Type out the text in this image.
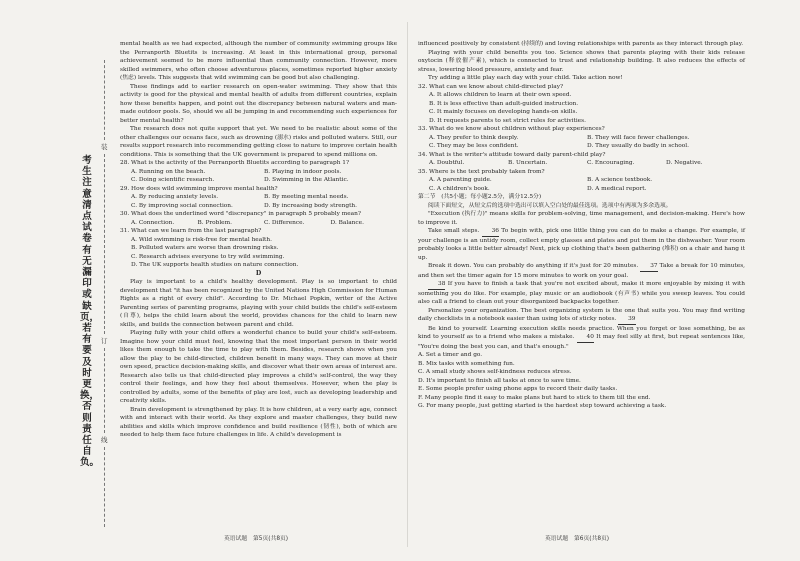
装
订
线
考生注意清点试卷有无漏印或缺页，若有要及时更换，否则责任自负。

mental health as we had expected, although the number of community swimming groups like the Perranporth Bluetits is increasing. At least in this international group, personal achievement seemed to be more influential than community connection. However, more skilled swimmers, who often choose adventurous places, sometimes reported higher anxiety (焦虑) levels. This suggests that wild swimming can be good but also challenging.

These findings add to earlier research on open-water swimming. They show that this activity is good for the physical and mental health of adults from different countries, explain how these benefits happen, and point out the discrepancy between natural waters and man-made outdoor pools. So, should we all be jumping in and recommending such experiences for better mental health?

The research does not quite support that yet. We need to be realistic about some of the other challenges our oceans face, such as drowning (溺水) risks and polluted waters. Still, our results support research into recommending getting close to nature to improve certain health conditions. This is something that the UK government is prepared to spend millions on.

28. What is the activity of the Perranporth Bluetits according to paragraph 1?
A. Running on the beach.	B. Playing in indoor pools.
C. Doing scientific research.	D. Swimming in the Atlantic.
29. How does wild swimming improve mental health?
A. By reducing anxiety levels.	B. By meeting mental needs.
C. By improving social connection.	D. By increasing body strength.
30. What does the underlined word "discrepancy" in paragraph 5 probably mean?
A. Connection.	B. Problem.	C. Difference.	D. Balance.
31. What can we learn from the last paragraph?
A. Wild swimming is risk-free for mental health.
B. Polluted waters are worse than drowning risks.
C. Research advises everyone to try wild swimming.
D. The UK supports health studies on nature connection.
D

Play is important to a child's healthy development. Play is so important to child development that "it has been recognized by the United Nations High Commission for Human Rights as a right of every child". According to Dr. Michael Popkin, writer of the Active Parenting series of parenting programs, playing with your child builds the child's self-esteem (自尊), helps the child learn about the world, provides chances for the child to learn new skills, and builds the connection between parent and child.

Playing fully with your child offers a wonderful chance to build your child's self-esteem. Imagine how your child must feel, knowing that the most important person in their world likes them enough to take the time to play with them. Besides, research shows when you allow the play to be child-directed, children benefit in many ways. They can move at their own speed, practice decision-making skills, and discover what their own areas of interest are. Research also tells us that child-directed play improves a child's self-control, the way they control their feelings, and how they feel about themselves. However, when the play is controlled by adults, some of the benefits of play are lost, such as developing leadership and creativity skills.

Brain development is strengthened by play. It is how children, at a very early age, connect with and interact with their world. As they explore and master challenges, they build new abilities and skills which improve confidence and build resilience (韧性), both of which are needed to help them face future challenges in life. A child's development is

influenced positively by consistent (持续的) and loving relationships with parents as they interact through play.

Playing with your child benefits you too. Science shows that parents playing with their kids release oxytocin (释放催产素), which is connected to trust and relationship building. It also reduces the effects of stress, lowering blood pressure, anxiety and fear.

Try adding a little play each day with your child. Take action now!

32. What can we know about child-directed play?
A. It allows children to learn at their own speed.
B. It is less effective than adult-guided instruction.
C. It mainly focuses on developing hands-on skills.
D. It requests parents to set strict rules for activities.
33. What do we know about children without play experiences?
A. They prefer to think deeply.	B. They will face fewer challenges.
C. They may be less confident.	D. They usually do badly in school.
34. What is the writer's attitude toward daily parent-child play?
A. Doubtful.	B. Uncertain.	C. Encouraging.	D. Negative.
35. Where is the text probably taken from?
A. A parenting guide.	B. A science textbook.
C. A children's book.	D. A medical report.
第二节　(共5小题；每小题2.5分，满分12.5分)

阅读下面短文，从短文后的选项中选出可以填入空白处的最佳选项。选项中有两项为多余选项。

"Execution (执行力)" means skills for problem-solving, time management, and decision-making. Here's how to improve it.

Take small steps. 36 To begin with, pick one little thing you can do to make a change. For example, if your challenge is an untidy room, collect empty glasses and plates and put them in the dishwasher. Your room probably looks a little better already! Next, pick up clothing that's been gathering (堆积) on a chair and hang it up.

Break it down. You can probably do anything if it's just for 20 minutes. 37 Take a break for 10 minutes, and then set the timer again for 15 more minutes to work on your goal.

38 If you have to finish a task that you're not excited about, make it more enjoyable by mixing it with something you do like. For example, play music or an audiobook (有声书) while you sweep leaves. You could also call a friend to clean out your disorganized backpacks together.

Personalize your organization. The best organizing system is the one that suits you. You may find writing daily checklists in a notebook easier than using lots of sticky notes. 39

Be kind to yourself. Learning execution skills needs practice. When you forget or lose something, be as kind to yourself as to a friend who makes a mistake. 40 It may feel silly at first, but repeat sentences like, "You're doing the best you can, and that's enough."

A. Set a timer and go.
B. Mix tasks with something fun.
C. A small study shows self-kindness reduces stress.
D. It's important to finish all tasks at once to save time.
E. Some people prefer using phone apps to record their daily tasks.
F. Many people find it easy to make plans but hard to stick to them till the end.
G. For many people, just getting started is the hardest step toward achieving a task.
英语试题　第5页(共8页)	英语试题　第6页(共8页)
